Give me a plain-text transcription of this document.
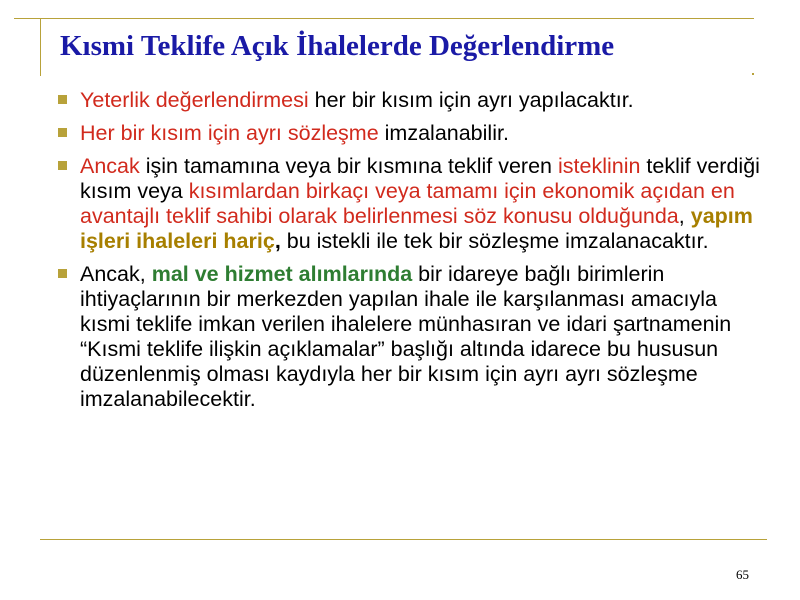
Kısmi Teklife Açık İhalelerde Değerlendirme
Yeterlik değerlendirmesi her bir kısım için ayrı yapılacaktır.
Her bir kısım için ayrı sözleşme imzalanabilir.
Ancak işin tamamına veya bir kısmına teklif veren isteklinin teklif verdiği kısım veya kısımlardan birkaçı veya tamamı için ekonomik açıdan en avantajlı teklif sahibi olarak belirlenmesi söz konusu olduğunda, yapım işleri ihaleleri hariç, bu istekli ile tek bir sözleşme imzalanacaktır.
Ancak, mal ve hizmet alımlarında bir idareye bağlı birimlerin ihtiyaçlarının bir merkezden yapılan ihale ile karşılanması amacıyla kısmi teklife imkan verilen ihalelere münhasıran ve idari şartnamenin “Kısmi teklife ilişkin açıklamalar” başlığı altında idarece bu hususun düzenlenmiş olması kaydıyla her bir kısım için ayrı ayrı sözleşme imzalanabilecektir.
65
